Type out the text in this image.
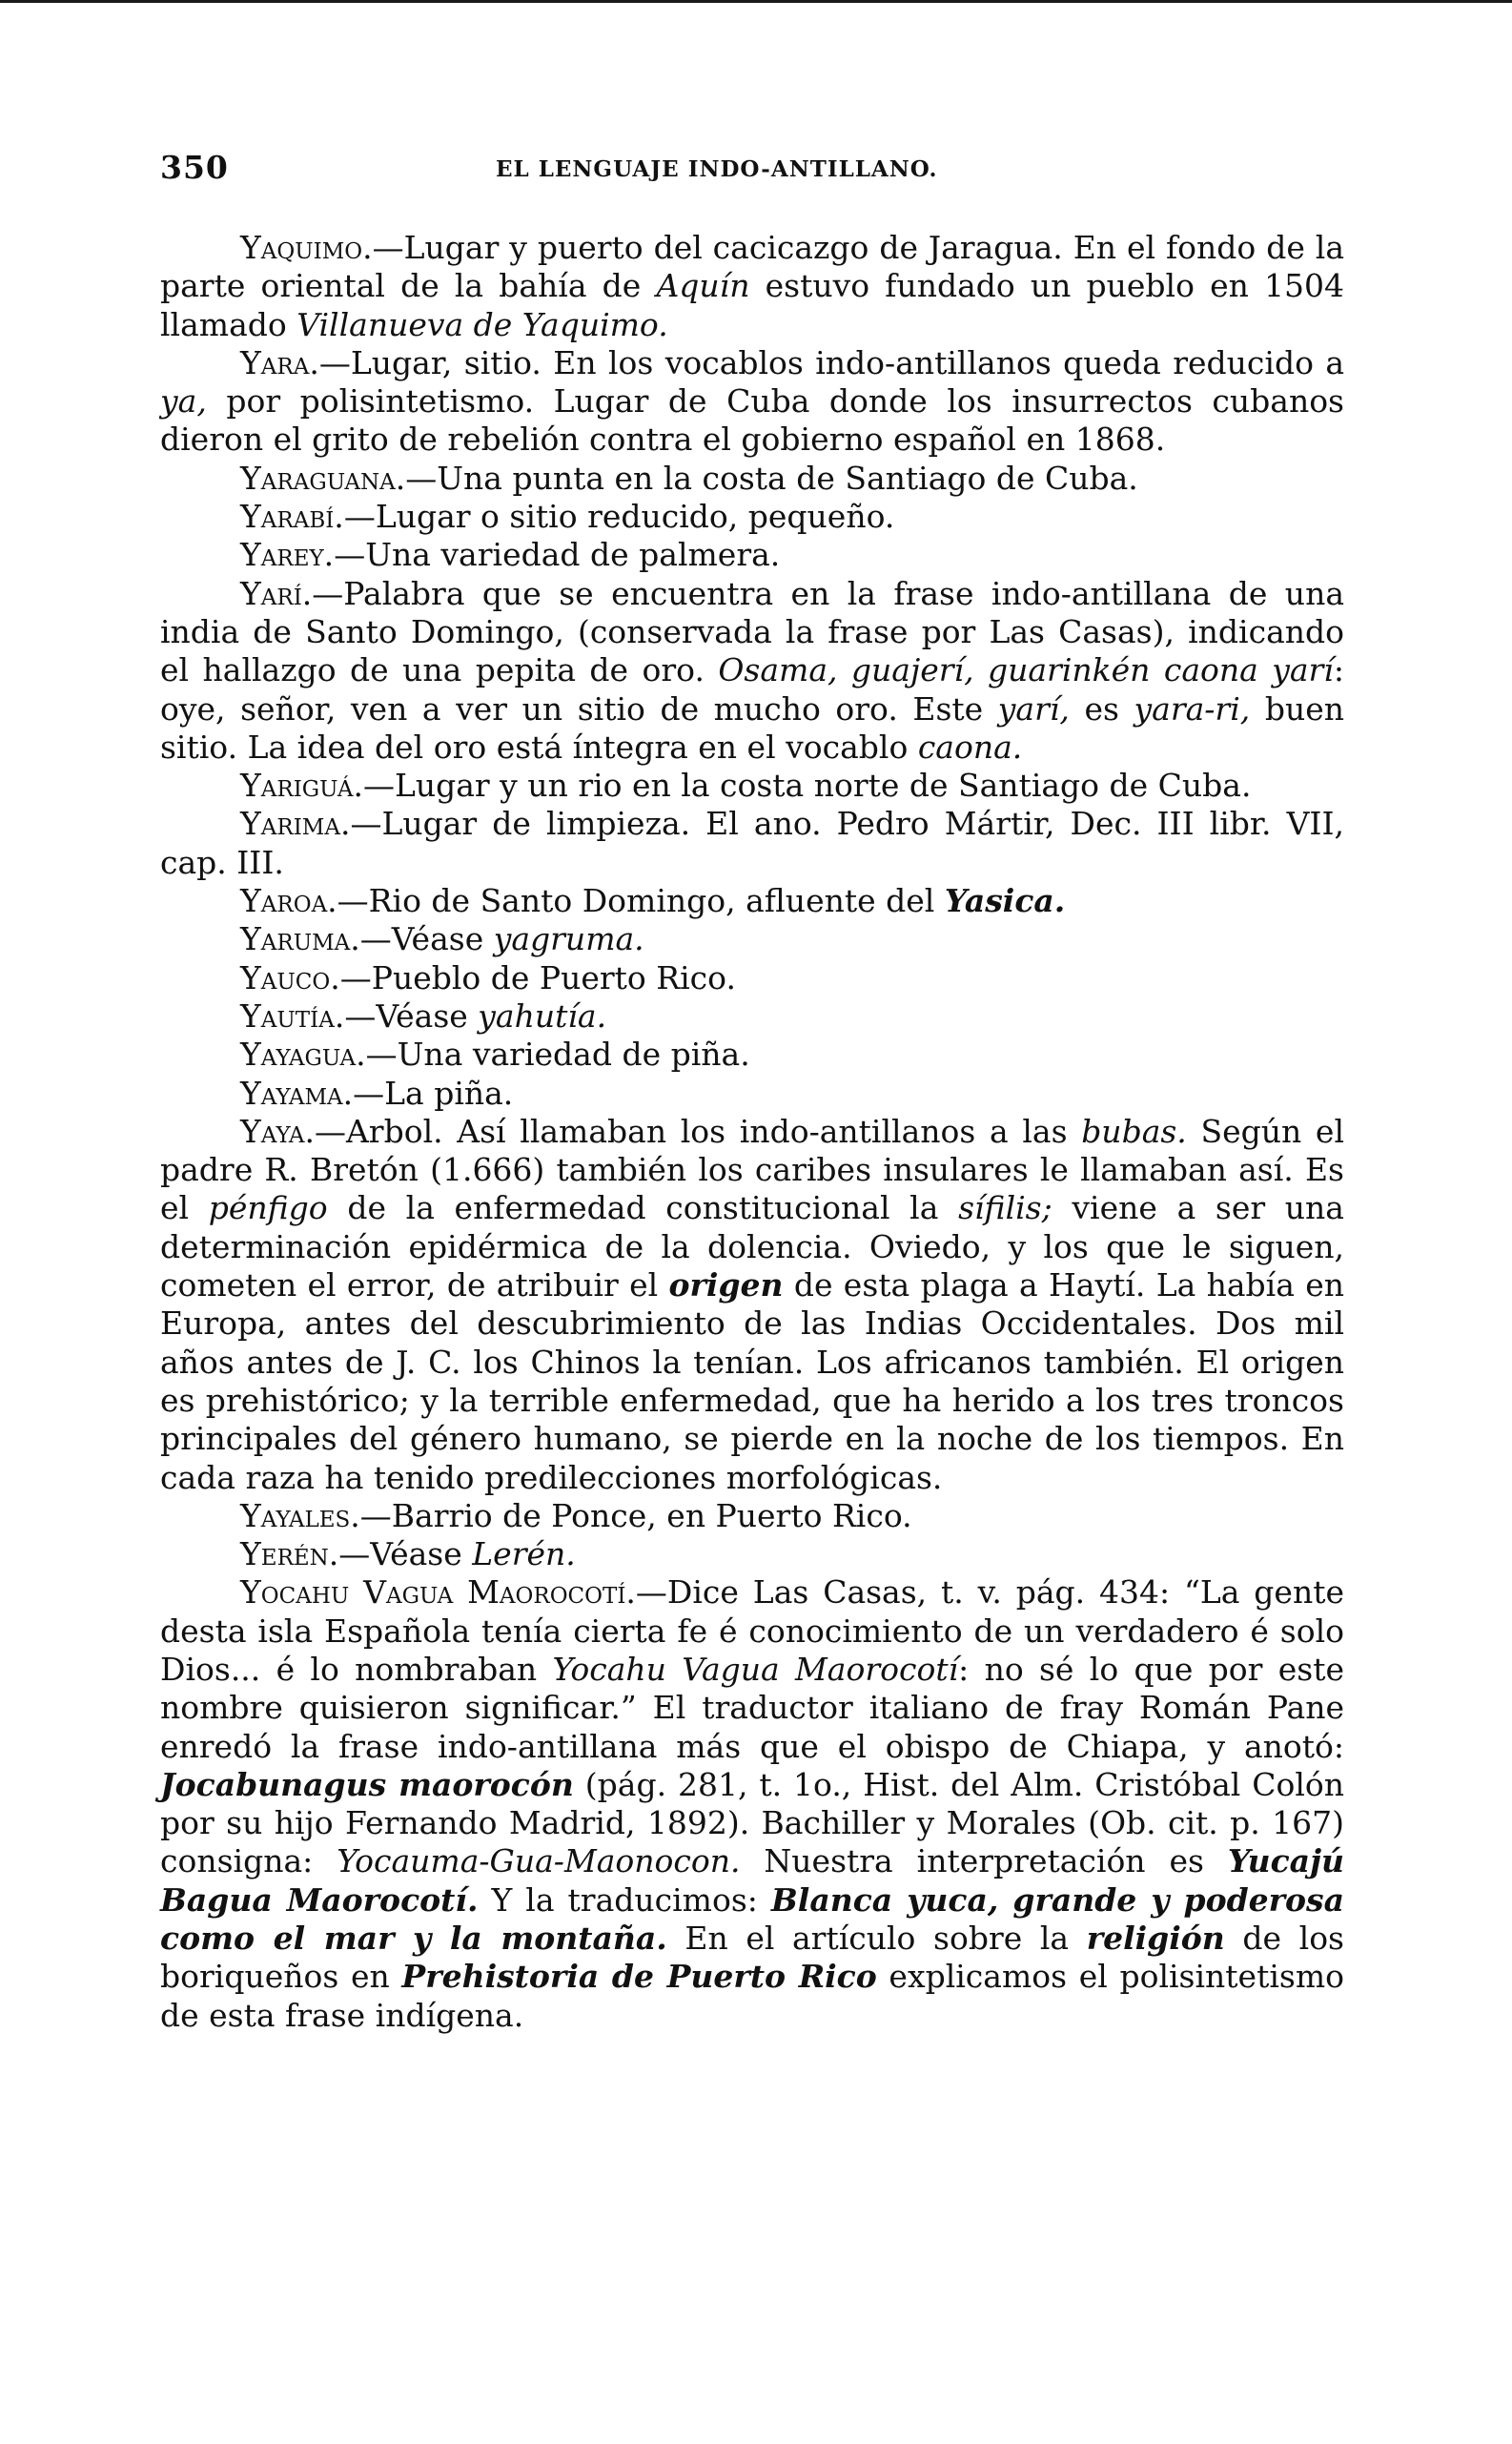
350	EL LENGUAJE INDO-ANTILLANO.

Yaquimo.—Lugar y puerto del cacicazgo de Jaragua. En el fondo de la parte oriental de la bahía de Aquín estuvo fundado un pueblo en 1504 llamado Villanueva de Yaquimo.

Yara.—Lugar, sitio. En los vocablos indo-antillanos queda reducido a ya, por polisintetismo. Lugar de Cuba donde los insurrectos cubanos dieron el grito de rebelión contra el gobierno español en 1868.

Yaraguana.—Una punta en la costa de Santiago de Cuba.

Yarabí.—Lugar o sitio reducido, pequeño.

Yarey.—Una variedad de palmera.

Yarí.—Palabra que se encuentra en la frase indo-antillana de una india de Santo Domingo, (conservada la frase por Las Casas), indicando el hallazgo de una pepita de oro. Osama, guajerí, guarinkén caona yarí: oye, señor, ven a ver un sitio de mucho oro. Este yarí, es yara-ri, buen sitio. La idea del oro está íntegra en el vocablo caona.

Yariguá.—Lugar y un rio en la costa norte de Santiago de Cuba.

Yarima.—Lugar de limpieza. El ano. Pedro Mártir, Dec. III libr. VII, cap. III.

Yaroa.—Rio de Santo Domingo, afluente del Yasica.

Yaruma.—Véase yagruma.

Yauco.—Pueblo de Puerto Rico.

Yautía.—Véase yahutía.

Yayagua.—Una variedad de piña.

Yayama.—La piña.

Yaya.—Arbol. Así llamaban los indo-antillanos a las bubas. Según el padre R. Bretón (1.666) también los caribes insulares le llamaban así. Es el pénfigo de la enfermedad constitucional la sífilis; viene a ser una determinación epidérmica de la dolencia. Oviedo, y los que le siguen, cometen el error, de atribuir el origen de esta plaga a Haytí. La había en Europa, antes del descubrimiento de las Indias Occidentales. Dos mil años antes de J. C. los Chinos la tenían. Los africanos también. El origen es prehistórico; y la terrible enfermedad, que ha herido a los tres troncos principales del género humano, se pierde en la noche de los tiempos. En cada raza ha tenido predilecciones morfológicas.

Yayales.—Barrio de Ponce, en Puerto Rico.

Yerén.—Véase Lerén.

Yocahu Vagua Maorocotí.—Dice Las Casas, t. v. pág. 434: “La gente desta isla Española tenía cierta fe é conocimiento de un verdadero é solo Dios... é lo nombraban Yocahu Vagua Maorocotí: no sé lo que por este nombre quisieron significar.” El traductor italiano de fray Román Pane enredó la frase indo-antillana más que el obispo de Chiapa, y anotó: Jocabunagus maorocón (pág. 281, t. 1o., Hist. del Alm. Cristóbal Colón por su hijo Fernando Madrid, 1892). Bachiller y Morales (Ob. cit. p. 167) consigna: Yocauma-Gua-Maonocon. Nuestra interpretación es Yucajú Bagua Maorocotí. Y la traducimos: Blanca yuca, grande y poderosa como el mar y la montaña. En el artículo sobre la religión de los boriqueños en Prehistoria de Puerto Rico explicamos el polisintetismo de esta frase indígena.
